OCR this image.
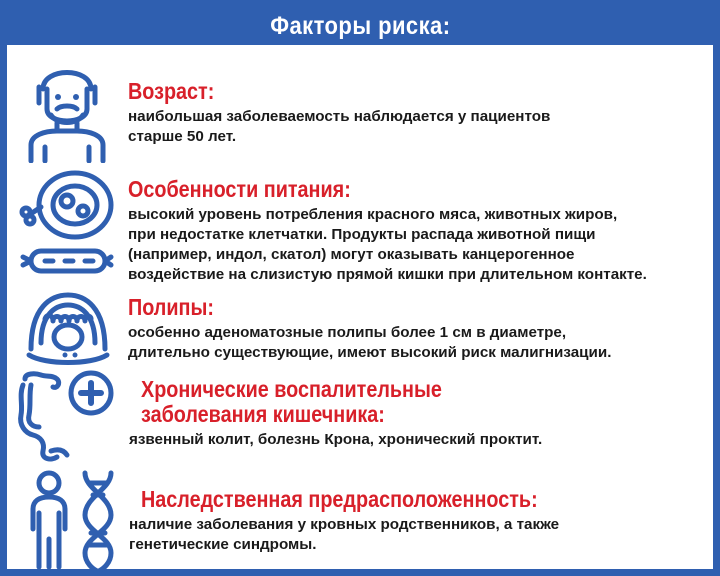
Факторы риска:
Возраст:
наибольшая заболеваемость наблюдается у пациентов
старше 50 лет.
Особенности питания:
высокий уровень потребления красного мяса, животных жиров,
при недостатке клетчатки. Продукты распада животной пищи
(например, индол, скатол) могут оказывать канцерогенное
воздействие на слизистую прямой кишки при длительном контакте.
Полипы:
особенно аденоматозные полипы более 1 см в диаметре,
длительно существующие, имеют высокий риск малигнизации.
Хронические воспалительные
заболевания кишечника:
язвенный колит, болезнь Крона, хронический проктит.
Наследственная предрасположенность:
наличие заболевания у кровных родственников, а также
генетические синдромы.
